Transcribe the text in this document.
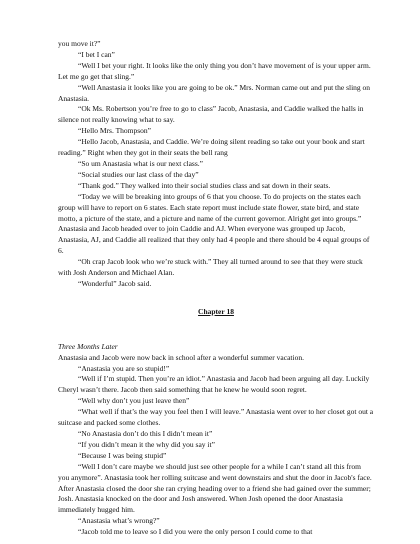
you move it?”

“I bet I can”

“Well I bet your right. It looks like the only thing you don’t have movement of is your upper arm. Let me go get that sling.”

“Well Anastasia it looks like you are going to be ok.” Mrs. Norman came out and put the sling on Anastasia.

“Ok Ms. Robertson you’re free to go to class” Jacob, Anastasia, and Caddie walked the halls in silence not really knowing what to say.

“Hello Mrs. Thompson”

“Hello Jacob, Anastasia, and Caddie. We’re doing silent reading so take out your book and start reading.” Right when they got in their seats the bell rang

“So um Anastasia what is our next class.”

“Social studies our last class of the day”

“Thank god.” They walked into their social studies class and sat down in their seats.

“Today we will be breaking into groups of 6 that you choose. To do projects on the states each group will have to report on 6 states. Each state report must include state flower, state bird, and state motto, a picture of the state, and a picture and name of the current governor. Alright get into groups.” Anastasia and Jacob headed over to join Caddie and AJ. When everyone was grouped up Jacob, Anastasia, AJ, and Caddie all realized that they only had 4 people and there should be 4 equal groups of 6.

“Oh crap Jacob look who we’re stuck with.” They all turned around to see that they were stuck with Josh Anderson and Michael Alan.

“Wonderful” Jacob said.

Chapter 18

Three Months Later

Anastasia and Jacob were now back in school after a wonderful summer vacation.

“Anastasia you are so stupid!”

“Well if I’m stupid. Then you’re an idiot.” Anastasia and Jacob had been arguing all day. Luckily Cheryl wasn’t there. Jacob then said something that he knew he would soon regret.

“Well why don’t you just leave then”

“What well if that’s the way you feel then I will leave.” Anastasia went over to her closet got out a suitcase and packed some clothes.

“No Anastasia don’t do this I didn’t mean it”

“If you didn’t mean it the why did you say it”

“Because I was being stupid”

“Well I don’t care maybe we should just see other people for a while I can’t stand all this from you anymore”. Anastasia took her rolling suitcase and went downstairs and shut the door in Jacob's face. After Anastasia closed the door she ran crying heading over to a friend she had gained over the summer; Josh. Anastasia knocked on the door and Josh answered. When Josh opened the door Anastasia immediately hugged him.

“Anastasia what’s wrong?”

“Jacob told me to leave so I did you were the only person I could come to that
